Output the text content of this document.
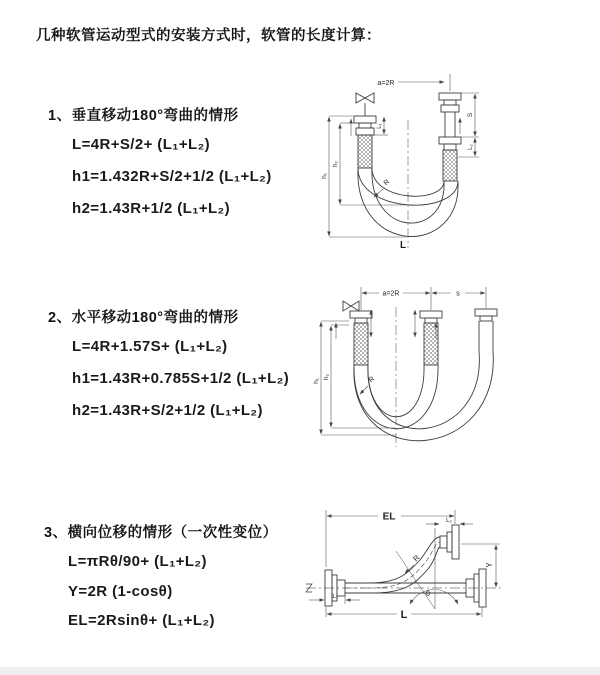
几种软管运动型式的安装方式时，软管的长度计算：
1、垂直移动180°弯曲的情形
L=4R+S/2+ (L₁+L₂)
h1=1.432R+S/2+1/2 (L₁+L₂)
h2=1.43R+1/2 (L₁+L₂)
2、水平移动180°弯曲的情形
L=4R+1.57S+ (L₁+L₂)
h1=1.43R+0.785S+1/2 (L₁+L₂)
h2=1.43R+S/2+1/2 (L₁+L₂)
3、横向位移的情形（一次性变位）
L=πRθ/90+ (L₁+L₂)
Y=2R (1-cosθ)
EL=2Rsinθ+ (L₁+L₂)
a=2R
S
L₂
L₁
h₂
h₁
R
L
a=2R	s
h₁
h₂	R
EL	L₂
Y
L
L₁
R
θ
